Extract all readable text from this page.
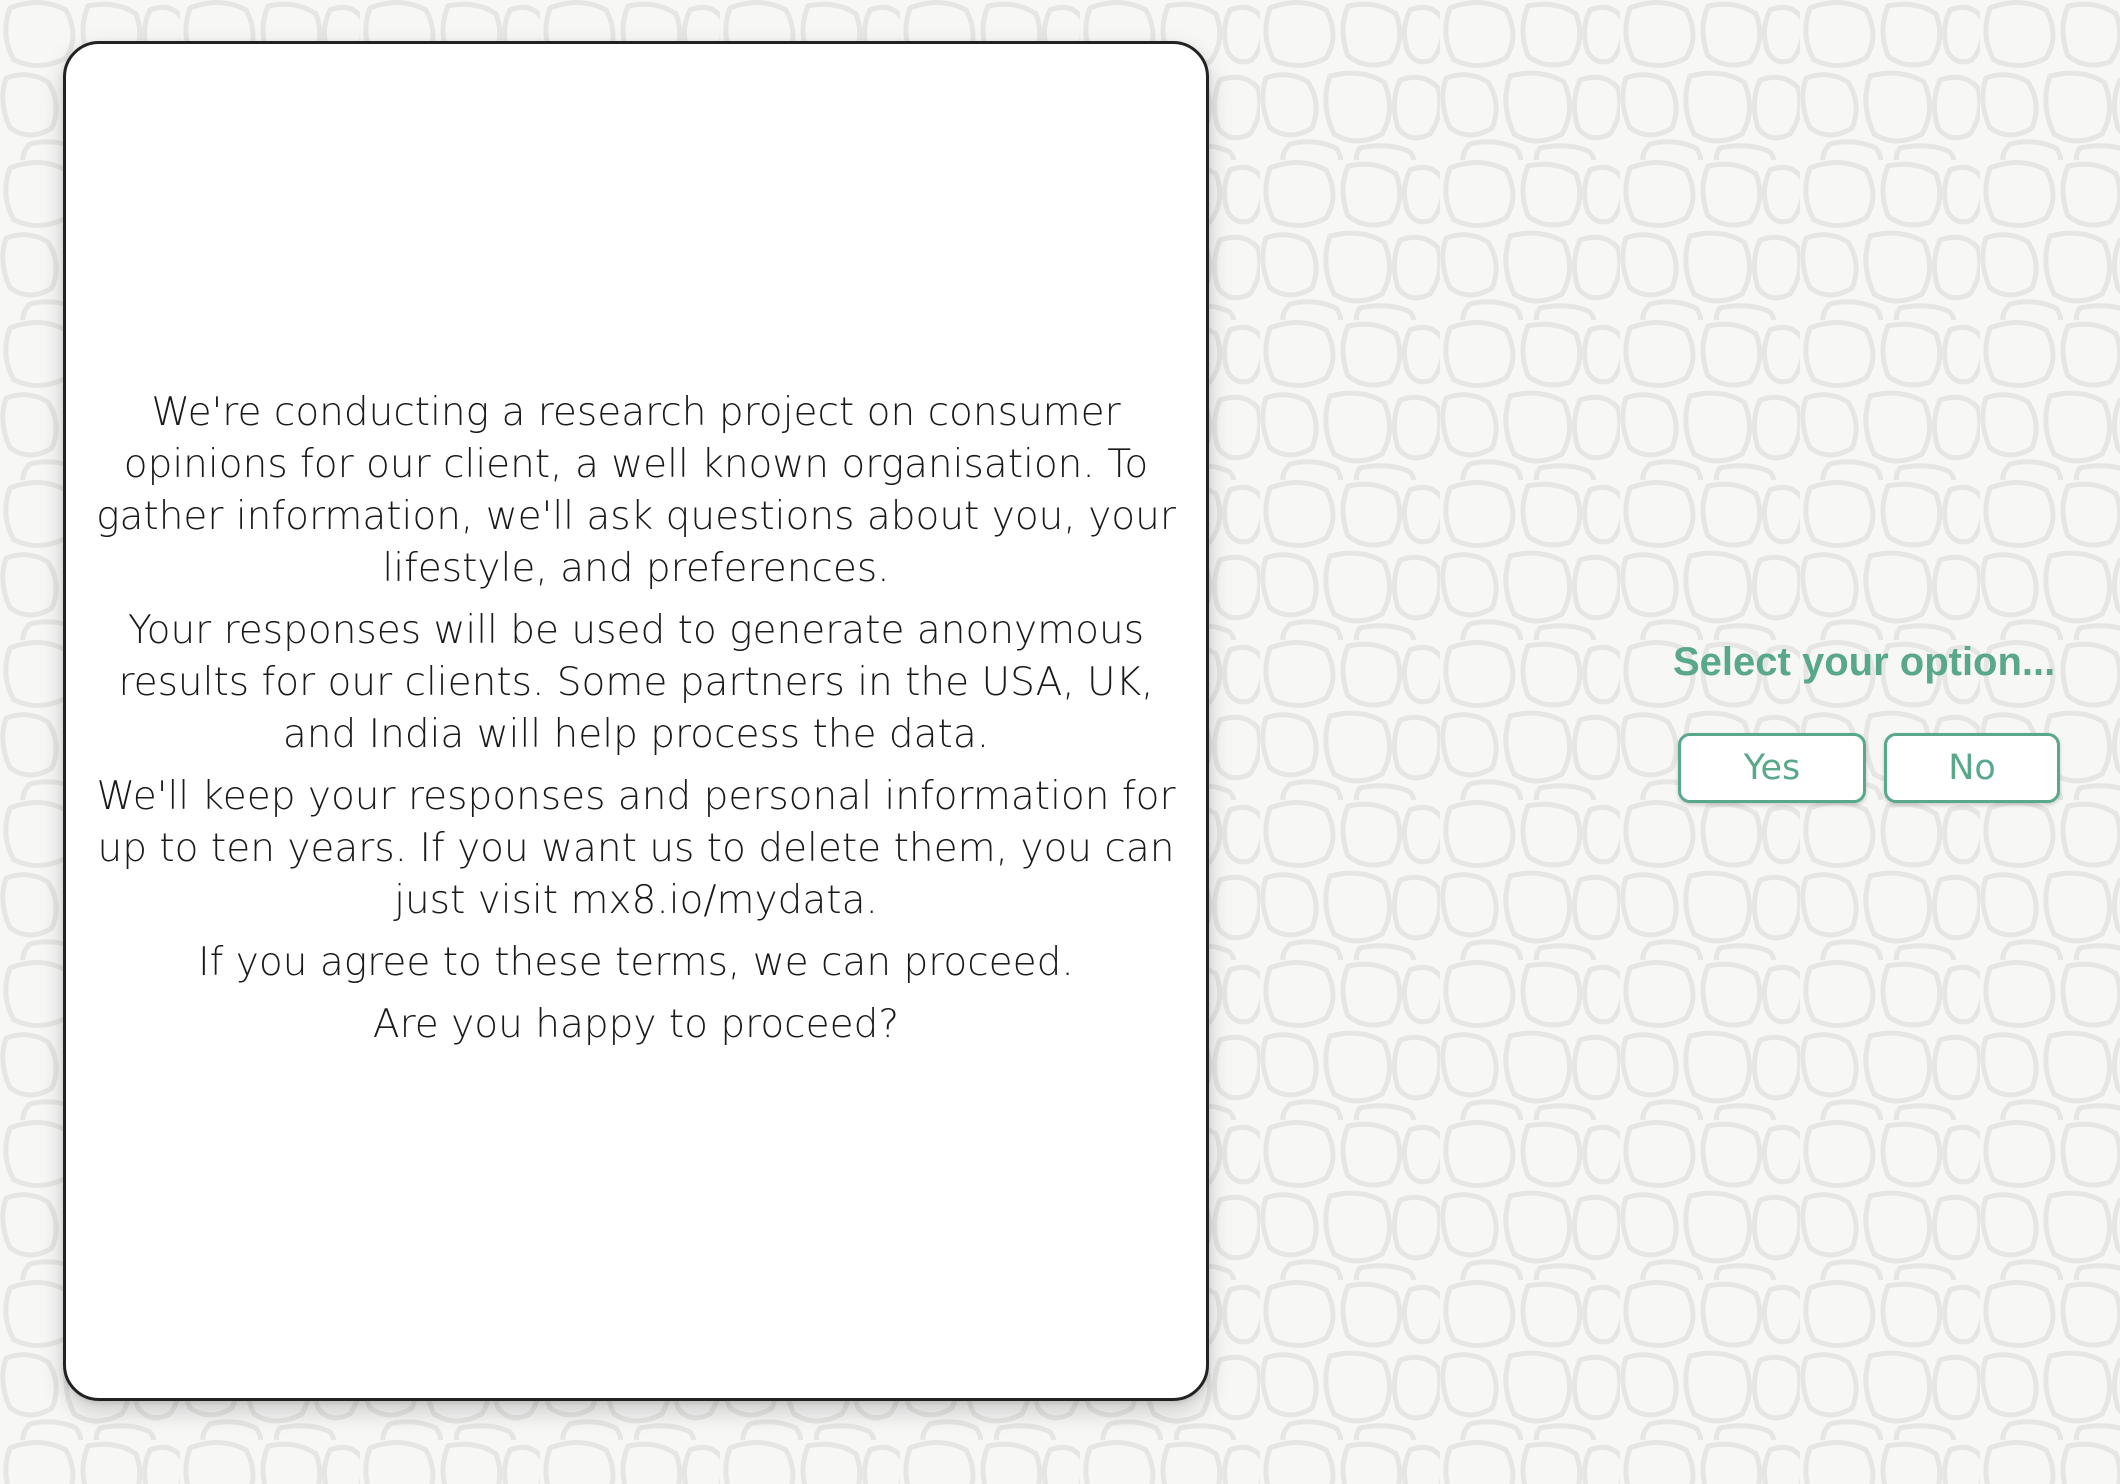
We're conducting a research project on consumer opinions for our client, a well known organisation. To gather information, we'll ask questions about you, your lifestyle, and preferences.

Your responses will be used to generate anonymous results for our clients. Some partners in the USA, UK, and India will help process the data.

We'll keep your responses and personal information for up to ten years. If you want us to delete them, you can just visit mx8.io/mydata.

If you agree to these terms, we can proceed.

Are you happy to proceed?

Select your option...
Yes	No
